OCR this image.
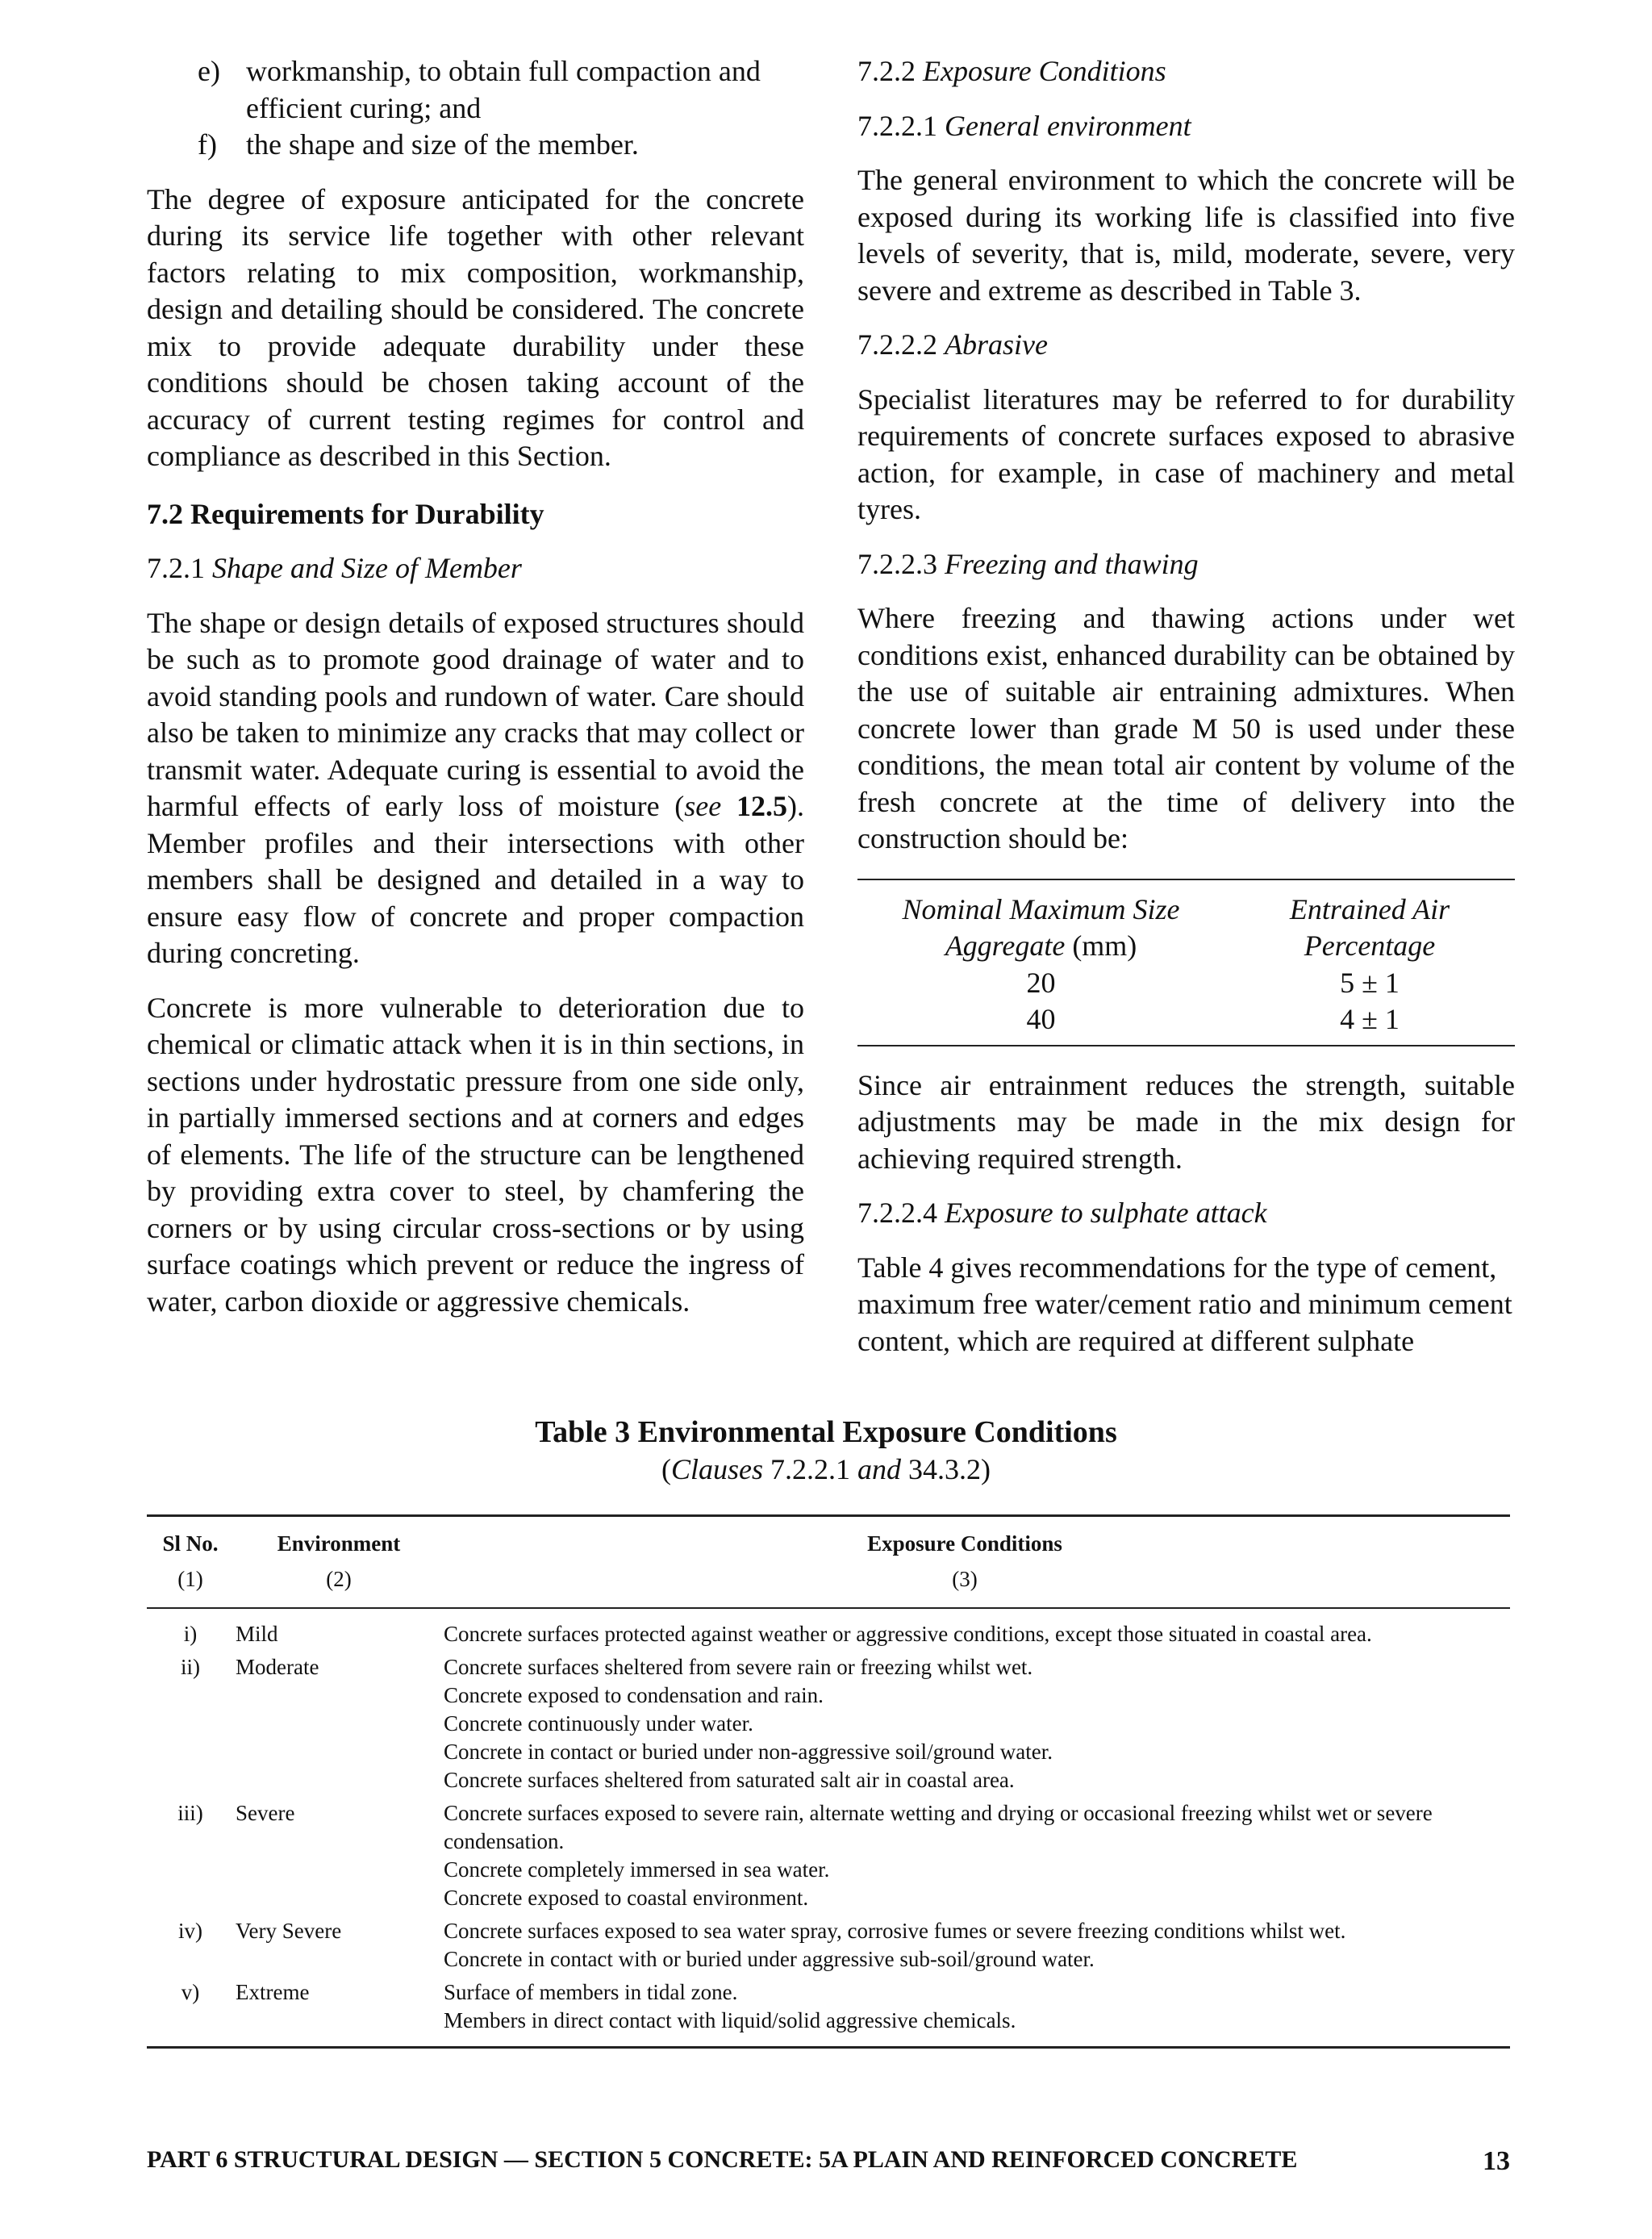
e) workmanship, to obtain full compaction and efficient curing; and
f)	the shape and size of the member.

The degree of exposure anticipated for the concrete during its service life together with other relevant factors relating to mix composition, workmanship, design and detailing should be considered. The concrete mix to provide adequate durability under these conditions should be chosen taking account of the accuracy of current testing regimes for control and compliance as described in this Section.

7.2 Requirements for Durability
7.2.1 Shape and Size of Member

The shape or design details of exposed structures should be such as to promote good drainage of water and to avoid standing pools and rundown of water. Care should also be taken to minimize any cracks that may collect or transmit water. Adequate curing is essential to avoid the harmful effects of early loss of moisture (see 12.5). Member profiles and their intersections with other members shall be designed and detailed in a way to ensure easy flow of concrete and proper compaction during concreting.

Concrete is more vulnerable to deterioration due to chemical or climatic attack when it is in thin sections, in sections under hydrostatic pressure from one side only, in partially immersed sections and at corners and edges of elements. The life of the structure can be lengthened by providing extra cover to steel, by chamfering the corners or by using circular cross-sections or by using surface coatings which prevent or reduce the ingress of water, carbon dioxide or aggressive chemicals.

7.2.2 Exposure Conditions
7.2.2.1 General environment

The general environment to which the concrete will be exposed during its working life is classified into five levels of severity, that is, mild, moderate, severe, very severe and extreme as described in Table 3.

7.2.2.2 Abrasive

Specialist literatures may be referred to for durability requirements of concrete surfaces exposed to abrasive action, for example, in case of machinery and metal tyres.

7.2.2.3 Freezing and thawing

Where freezing and thawing actions under wet conditions exist, enhanced durability can be obtained by the use of suitable air entraining admixtures. When concrete lower than grade M 50 is used under these conditions, the mean total air content by volume of the fresh concrete at the time of delivery into the construction should be:

Nominal Maximum Size	Entrained Air
Aggregate (mm)	Percentage
20	5 ± 1
40	4 ± 1

Since air entrainment reduces the strength, suitable adjustments may be made in the mix design for achieving required strength.

7.2.2.4 Exposure to sulphate attack

Table 4 gives recommendations for the type of cement, maximum free water/cement ratio and minimum cement content, which are required at different sulphate

Table 3 Environmental Exposure Conditions
(Clauses 7.2.2.1 and 34.3.2)
Sl No.	Environment	Exposure Conditions
(1)	(2)	(3)
i)	Mild	Concrete surfaces protected against weather or aggressive conditions, except those situated in coastal area.
ii)	Moderate	Concrete surfaces sheltered from severe rain or freezing whilst wet.
Concrete exposed to condensation and rain.
Concrete continuously under water.
Concrete in contact or buried under non-aggressive soil/ground water.
Concrete surfaces sheltered from saturated salt air in coastal area.
iii)	Severe	Concrete surfaces exposed to severe rain, alternate wetting and drying or occasional freezing whilst wet or severe condensation.
Concrete completely immersed in sea water.
Concrete exposed to coastal environment.
iv)	Very Severe	Concrete surfaces exposed to sea water spray, corrosive fumes or severe freezing conditions whilst wet.
Concrete in contact with or buried under aggressive sub-soil/ground water.
v)	Extreme	Surface of members in tidal zone.
Members in direct contact with liquid/solid aggressive chemicals.
PART 6 STRUCTURAL DESIGN — SECTION 5 CONCRETE: 5A PLAIN AND REINFORCED CONCRETE	13
